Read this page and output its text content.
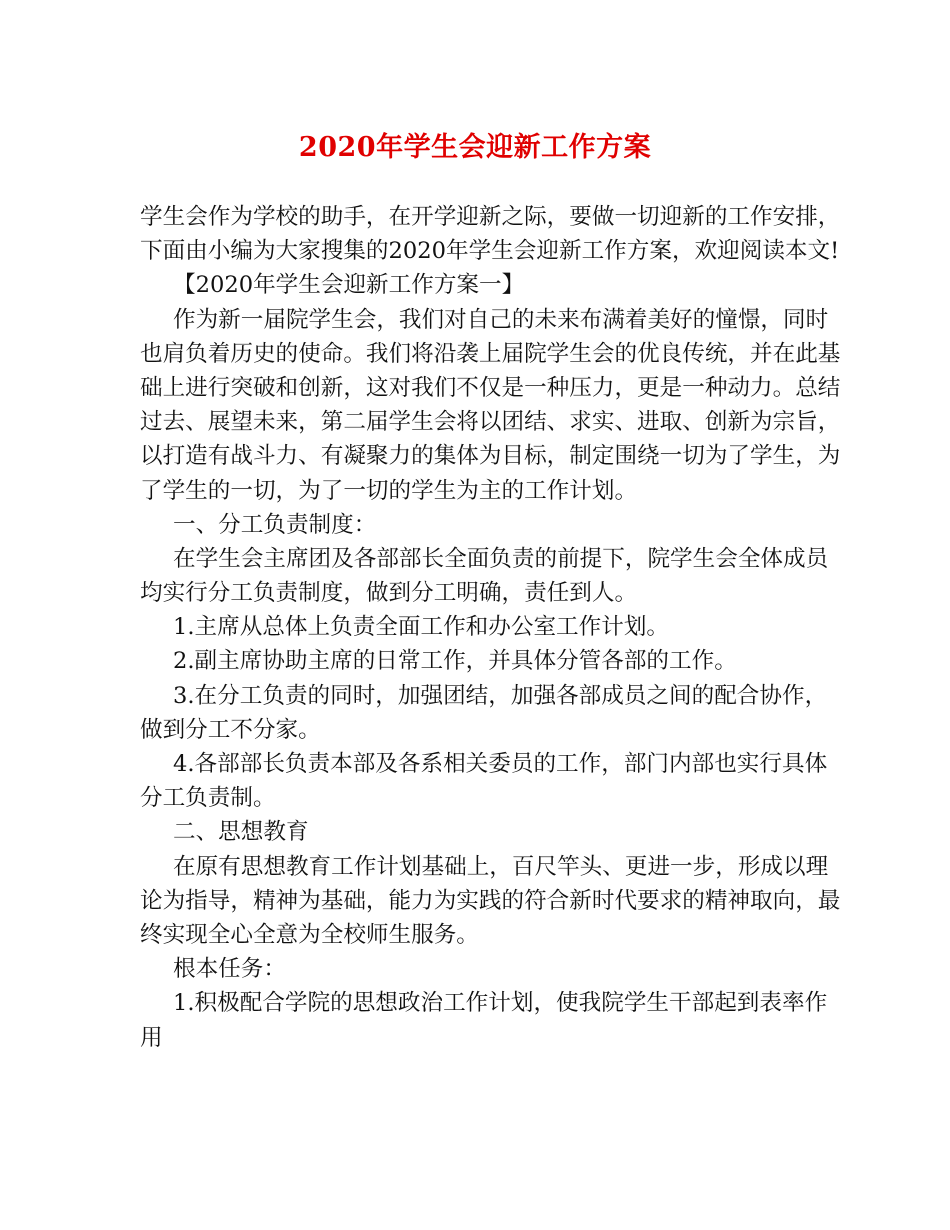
2020年学生会迎新工作方案
学生会作为学校的助手，在开学迎新之际，要做一切迎新的工作安排，
下面由小编为大家搜集的2020年学生会迎新工作方案，欢迎阅读本文!
【2020年学生会迎新工作方案一】
作为新一届院学生会，我们对自己的未来布满着美好的憧憬，同时
也肩负着历史的使命。我们将沿袭上届院学生会的优良传统，并在此基
础上进行突破和创新，这对我们不仅是一种压力，更是一种动力。总结
过去、展望未来，第二届学生会将以团结、求实、进取、创新为宗旨，
以打造有战斗力、有凝聚力的集体为目标，制定围绕一切为了学生，为
了学生的一切，为了一切的学生为主的工作计划。
一、分工负责制度：
在学生会主席团及各部部长全面负责的前提下，院学生会全体成员
均实行分工负责制度，做到分工明确，责任到人。
1.主席从总体上负责全面工作和办公室工作计划。
2.副主席协助主席的日常工作，并具体分管各部的工作。
3.在分工负责的同时，加强团结，加强各部成员之间的配合协作，
做到分工不分家。
4.各部部长负责本部及各系相关委员的工作，部门内部也实行具体
分工负责制。
二、思想教育
在原有思想教育工作计划基础上，百尺竿头、更进一步，形成以理
论为指导，精神为基础，能力为实践的符合新时代要求的精神取向，最
终实现全心全意为全校师生服务。
根本任务：
1.积极配合学院的思想政治工作计划，使我院学生干部起到表率作
用
